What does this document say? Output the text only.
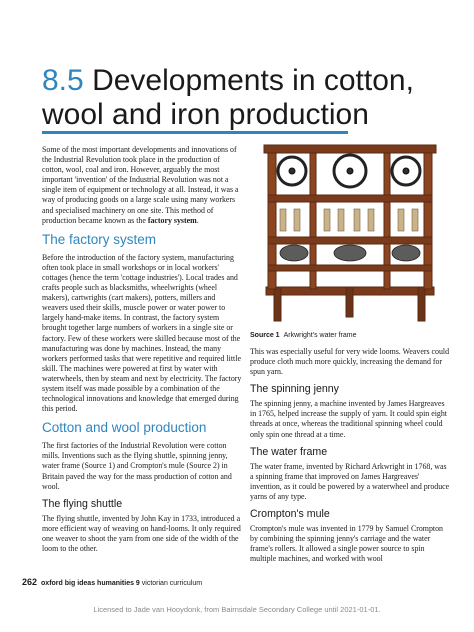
8.5 Developments in cotton,
wool and iron production

Some of the most important developments and innovations of the Industrial Revolution took place in the production of cotton, wool, coal and iron. However, arguably the most important 'invention' of the Industrial Revolution was not a single item of equipment or technology at all. Instead, it was a way of producing goods on a large scale using many workers and specialised machinery on one site. This method of production became known as the factory system.

The factory system

Before the introduction of the factory system, manufacturing often took place in small workshops or in local workers' cottages (hence the term 'cottage industries'). Local trades and crafts people such as blacksmiths, wheelwrights (wheel makers), cartwrights (cart makers), potters, millers and weavers used their skills, muscle power or water power to largely hand-make items. In contrast, the factory system brought together large numbers of workers in a single site or factory. Few of these workers were skilled because most of the manufacturing was done by machines. Instead, the many workers performed tasks that were repetitive and required little skill. The machines were powered at first by water with waterwheels, then by steam and next by electricity. The factory system itself was made possible by a combination of the technological innovations and knowledge that emerged during this period.

Cotton and wool production

The first factories of the Industrial Revolution were cotton mills. Inventions such as the flying shuttle, spinning jenny, water frame (Source 1) and Crompton's mule (Source 2) in Britain paved the way for the mass production of cotton and wool.

The flying shuttle

The flying shuttle, invented by John Kay in 1733, introduced a more efficient way of weaving on hand-looms. It only required one weaver to shoot the yarn from one side of the width of the loom to the other.

Source 1 Arkwright's water frame

This was especially useful for very wide looms. Weavers could produce cloth much more quickly, increasing the demand for spun yarn.

The spinning jenny

The spinning jenny, a machine invented by James Hargreaves in 1765, helped increase the supply of yarn. It could spin eight threads at once, whereas the traditional spinning wheel could only spin one thread at a time.

The water frame

The water frame, invented by Richard Arkwright in 1768, was a spinning frame that improved on James Hargreaves' invention, as it could be powered by a waterwheel and produce yarns of any type.

Crompton's mule

Crompton's mule was invented in 1779 by Samuel Crompton by combining the spinning jenny's carriage and the water frame's rollers. It allowed a single power source to spin multiple machines, and worked with wool

262 oxford big ideas humanities 9 victorian curriculum
Licensed to Jade van Hooydonk, from Bairnsdale Secondary College until 2021-01-01.
